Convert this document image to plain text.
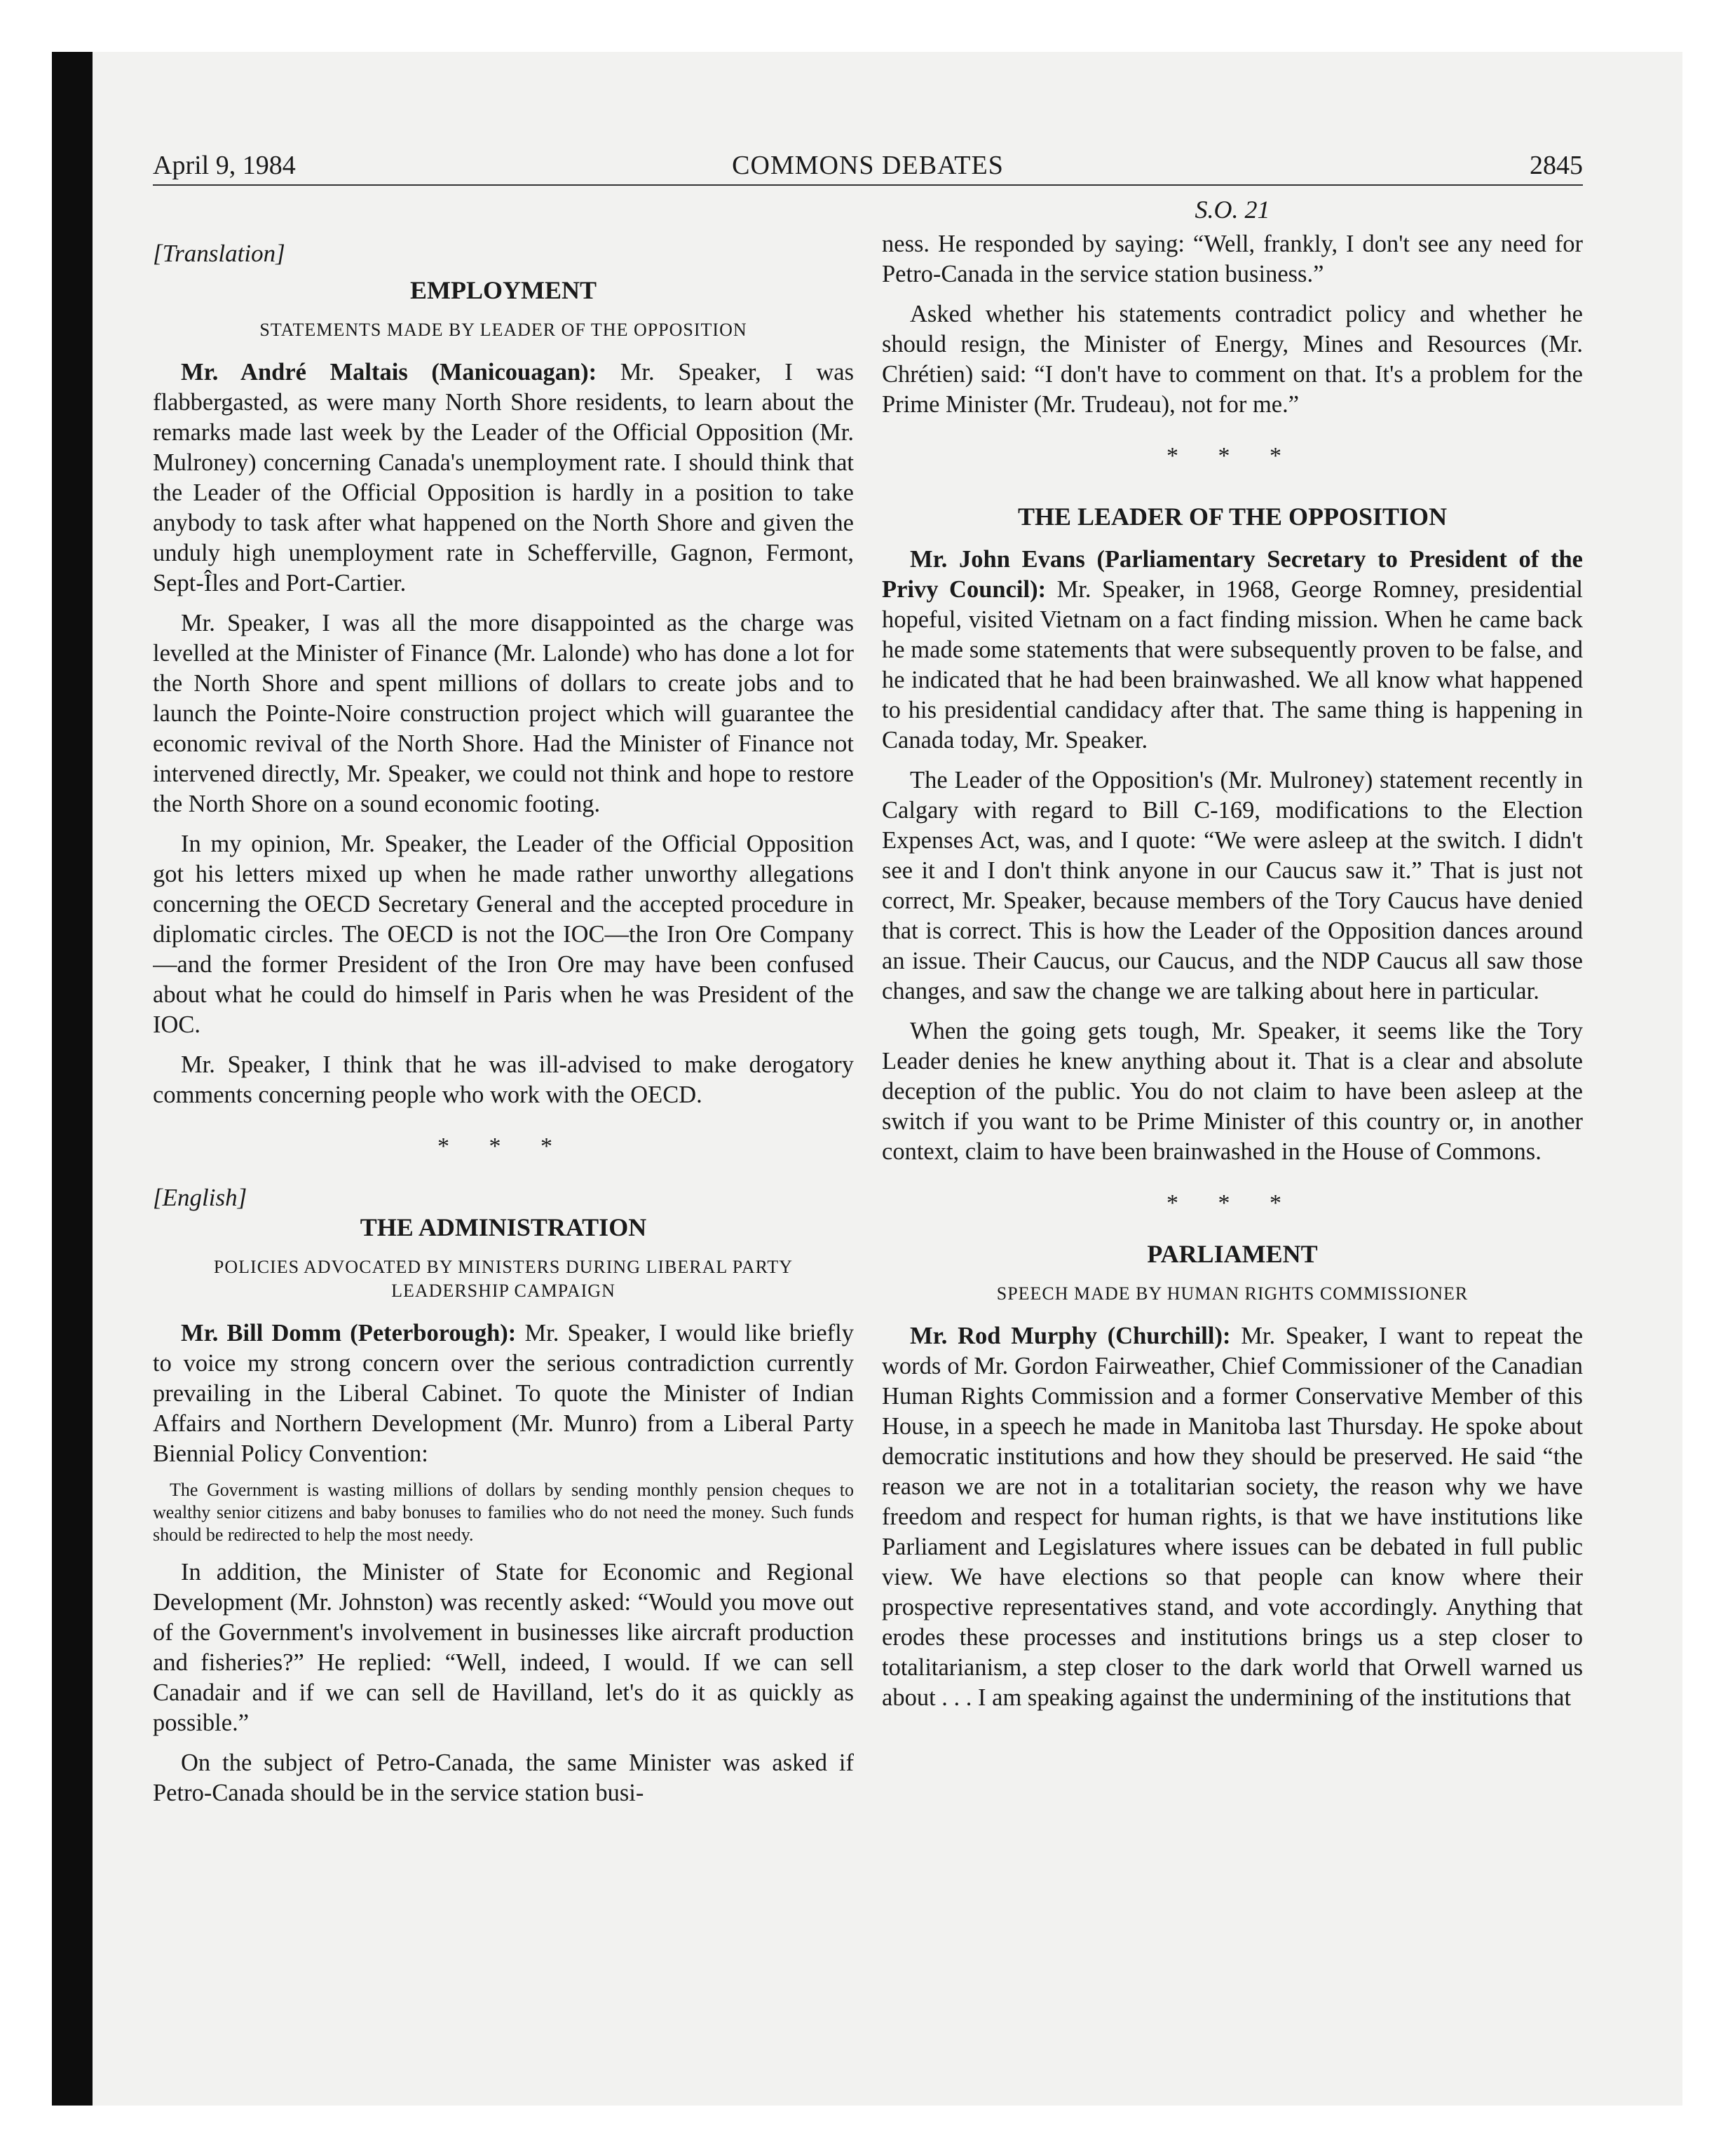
April 9, 1984	COMMONS DEBATES	2845

[Translation]

EMPLOYMENT

STATEMENTS MADE BY LEADER OF THE OPPOSITION

Mr. André Maltais (Manicouagan): Mr. Speaker, I was flabbergasted, as were many North Shore residents, to learn about the remarks made last week by the Leader of the Official Opposition (Mr. Mulroney) concerning Canada's unemployment rate. I should think that the Leader of the Official Opposition is hardly in a position to take anybody to task after what happened on the North Shore and given the unduly high unemployment rate in Schefferville, Gagnon, Fermont, Sept-Îles and Port-Cartier.

Mr. Speaker, I was all the more disappointed as the charge was levelled at the Minister of Finance (Mr. Lalonde) who has done a lot for the North Shore and spent millions of dollars to create jobs and to launch the Pointe-Noire construction project which will guarantee the economic revival of the North Shore. Had the Minister of Finance not intervened directly, Mr. Speaker, we could not think and hope to restore the North Shore on a sound economic footing.

In my opinion, Mr. Speaker, the Leader of the Official Opposition got his letters mixed up when he made rather unworthy allegations concerning the OECD Secretary General and the accepted procedure in diplomatic circles. The OECD is not the IOC—the Iron Ore Company—and the former President of the Iron Ore may have been confused about what he could do himself in Paris when he was President of the IOC.

Mr. Speaker, I think that he was ill-advised to make derogatory comments concerning people who work with the OECD.

* * *

[English]

THE ADMINISTRATION

POLICIES ADVOCATED BY MINISTERS DURING LIBERAL PARTY LEADERSHIP CAMPAIGN

Mr. Bill Domm (Peterborough): Mr. Speaker, I would like briefly to voice my strong concern over the serious contradiction currently prevailing in the Liberal Cabinet. To quote the Minister of Indian Affairs and Northern Development (Mr. Munro) from a Liberal Party Biennial Policy Convention:

The Government is wasting millions of dollars by sending monthly pension cheques to wealthy senior citizens and baby bonuses to families who do not need the money. Such funds should be redirected to help the most needy.

In addition, the Minister of State for Economic and Regional Development (Mr. Johnston) was recently asked: “Would you move out of the Government's involvement in businesses like aircraft production and fisheries?” He replied: “Well, indeed, I would. If we can sell Canadair and if we can sell de Havilland, let's do it as quickly as possible.”

On the subject of Petro-Canada, the same Minister was asked if Petro-Canada should be in the service station busi-

S.O. 21

ness. He responded by saying: “Well, frankly, I don't see any need for Petro-Canada in the service station business.”

Asked whether his statements contradict policy and whether he should resign, the Minister of Energy, Mines and Resources (Mr. Chrétien) said: “I don't have to comment on that. It's a problem for the Prime Minister (Mr. Trudeau), not for me.”

* * *

THE LEADER OF THE OPPOSITION

Mr. John Evans (Parliamentary Secretary to President of the Privy Council): Mr. Speaker, in 1968, George Romney, presidential hopeful, visited Vietnam on a fact finding mission. When he came back he made some statements that were subsequently proven to be false, and he indicated that he had been brainwashed. We all know what happened to his presidential candidacy after that. The same thing is happening in Canada today, Mr. Speaker.

The Leader of the Opposition's (Mr. Mulroney) statement recently in Calgary with regard to Bill C-169, modifications to the Election Expenses Act, was, and I quote: “We were asleep at the switch. I didn't see it and I don't think anyone in our Caucus saw it.” That is just not correct, Mr. Speaker, because members of the Tory Caucus have denied that is correct. This is how the Leader of the Opposition dances around an issue. Their Caucus, our Caucus, and the NDP Caucus all saw those changes, and saw the change we are talking about here in particular.

When the going gets tough, Mr. Speaker, it seems like the Tory Leader denies he knew anything about it. That is a clear and absolute deception of the public. You do not claim to have been asleep at the switch if you want to be Prime Minister of this country or, in another context, claim to have been brainwashed in the House of Commons.

* * *

PARLIAMENT

SPEECH MADE BY HUMAN RIGHTS COMMISSIONER

Mr. Rod Murphy (Churchill): Mr. Speaker, I want to repeat the words of Mr. Gordon Fairweather, Chief Commissioner of the Canadian Human Rights Commission and a former Conservative Member of this House, in a speech he made in Manitoba last Thursday. He spoke about democratic institutions and how they should be preserved. He said “the reason we are not in a totalitarian society, the reason why we have freedom and respect for human rights, is that we have institutions like Parliament and Legislatures where issues can be debated in full public view. We have elections so that people can know where their prospective representatives stand, and vote accordingly. Anything that erodes these processes and institutions brings us a step closer to totalitarianism, a step closer to the dark world that Orwell warned us about . . . I am speaking against the undermining of the institutions that
